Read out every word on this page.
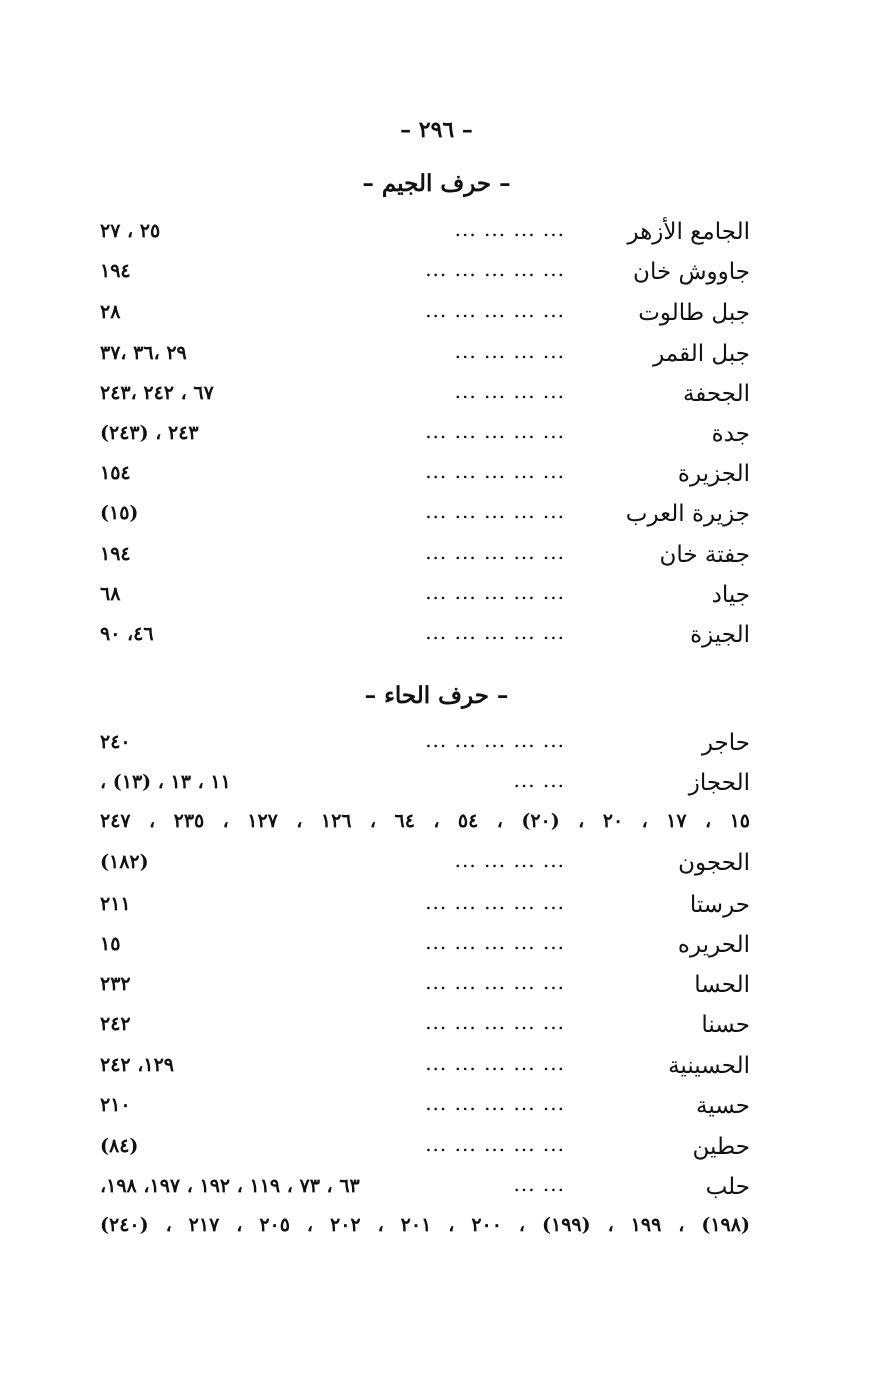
– ٢٩٦ –
– حرف الجيم –
الجامع الأزهر
... ... ... ...
٢٥ ، ٢٧
جاووش خان
... ... ... ... ...
١٩٤
جبل طالوت
... ... ... ... ...
٢٨
جبل القمر
... ... ... ...
٢٩ ،٣٦ ،٣٧
الجحفة
... ... ... ...
٦٧ ، ٢٤٢ ،٢٤٣
جدة
... ... ... ... ...
٢٤٣ ، (٢٤٣)
الجزيرة
... ... ... ... ...
١٥٤
جزيرة العرب
... ... ... ... ...
(١٥)
جفتة خان
... ... ... ... ...
١٩٤
جياد
... ... ... ... ...
٦٨
الجيزة
... ... ... ... ...
٤٦، ٩٠
– حرف الحاء –
حاجر
... ... ... ... ...
٢٤٠
الحجاز
... ...
١١ ، ١٣ ، (١٣) ،
١٥ ، ١٧ ، ٢٠ ، (٢٠) ، ٥٤ ، ٦٤ ، ١٢٦ ، ١٢٧ ، ٢٣٥ ، ٢٤٧
الحجون
... ... ... ...
(١٨٢)
حرستا
... ... ... ... ...
٢١١
الحريره
... ... ... ... ...
١٥
الحسا
... ... ... ... ...
٢٣٢
حسنا
... ... ... ... ...
٢٤٢
الحسينية
... ... ... ... ...
١٢٩، ٢٤٢
حسية
... ... ... ... ...
٢١٠
حطين
... ... ... ... ...
(٨٤)
حلب
... ...
٦٣ ، ٧٣ ، ١١٩ ، ١٩٢ ، ١٩٧، ١٩٨،
(١٩٨) ، ١٩٩ ، (١٩٩) ، ٢٠٠ ، ٢٠١ ، ٢٠٢ ، ٢٠٥ ، ٢١٧ ، (٢٤٠)
